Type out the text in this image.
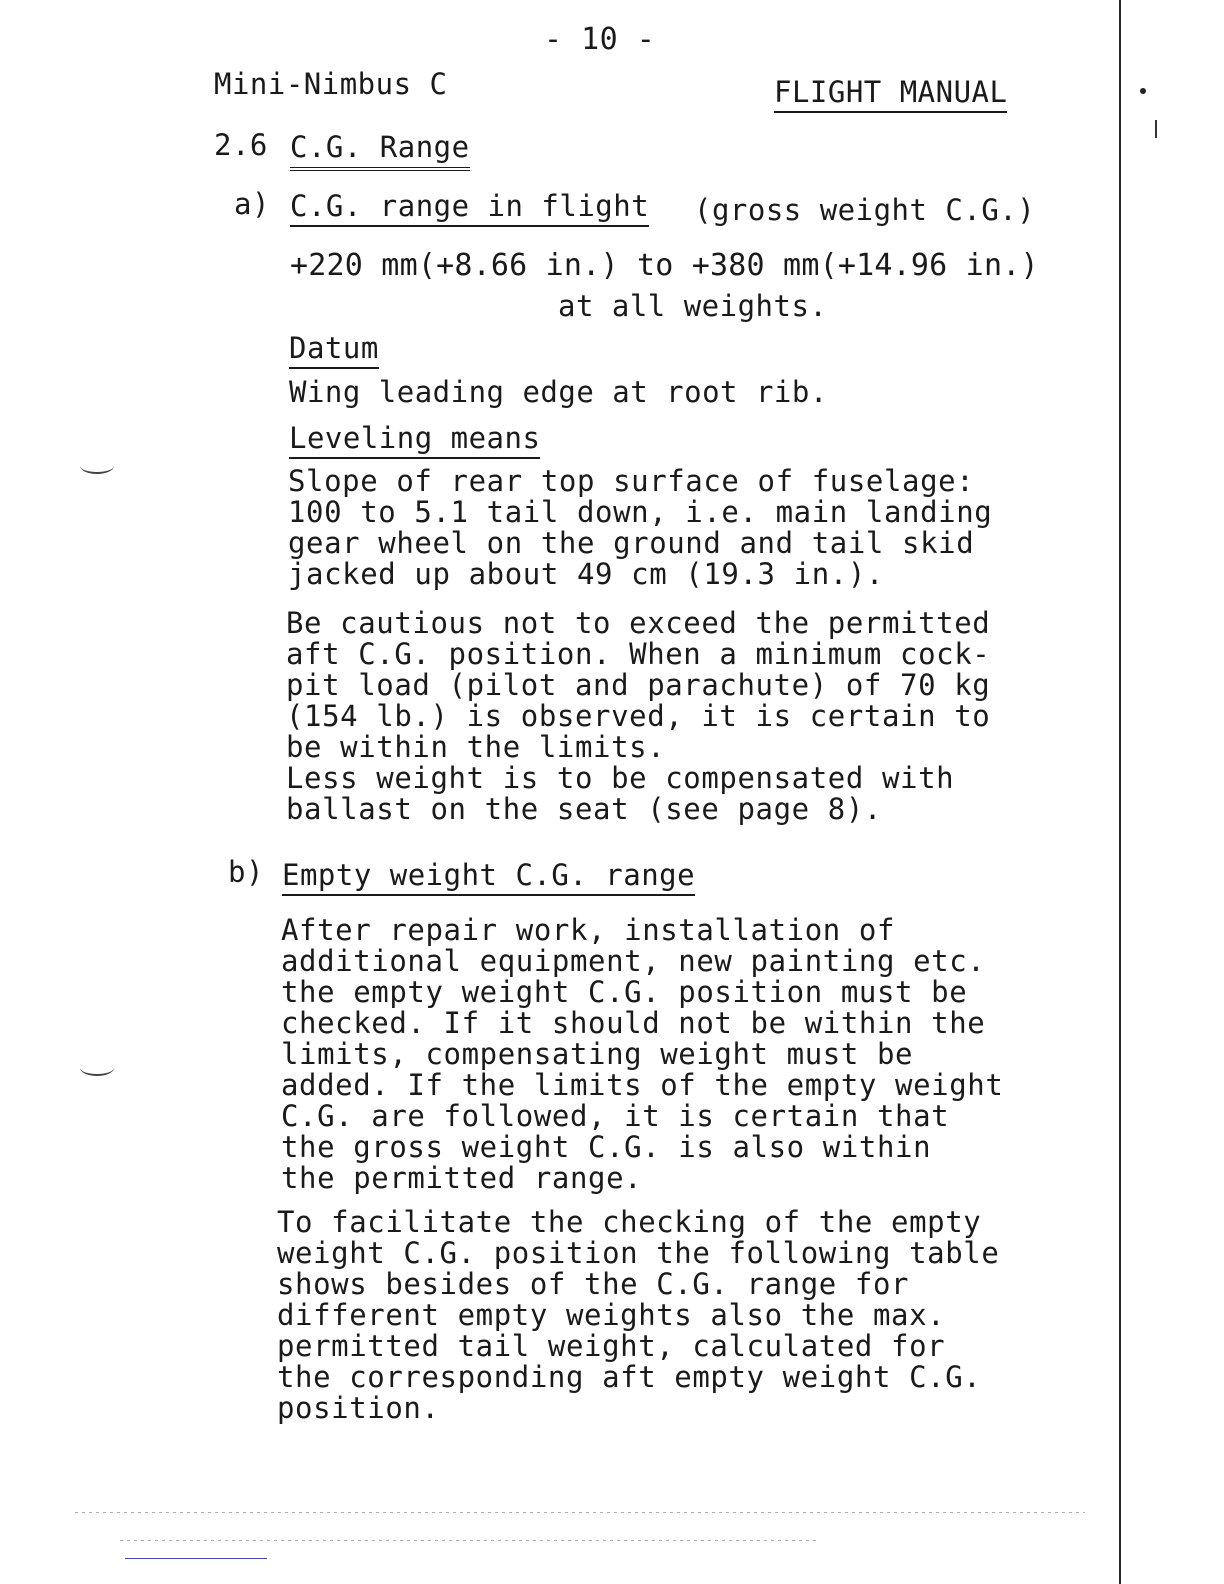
- 10 -
Mini-Nimbus C	FLIGHT MANUAL
2.6 C.G. Range
a) C.G. range in flight (gross weight C.G.)
+220 mm(+8.66 in.) to +380 mm(+14.96 in.)
at all weights.
Datum
Wing leading edge at root rib.
Leveling means
Slope of rear top surface of fuselage:
100 to 5.1 tail down, i.e. main landing
gear wheel on the ground and tail skid
jacked up about 49 cm (19.3 in.).
Be cautious not to exceed the permitted
aft C.G. position. When a minimum cock-
pit load (pilot and parachute) of 70 kg
(154 lb.) is observed, it is certain to
be within the limits.
Less weight is to be compensated with
ballast on the seat (see page 8).
b) Empty weight C.G. range
After repair work, installation of
additional equipment, new painting etc.
the empty weight C.G. position must be
checked. If it should not be within the
limits, compensating weight must be
added. If the limits of the empty weight
C.G. are followed, it is certain that
the gross weight C.G. is also within
the permitted range.
To facilitate the checking of the empty
weight C.G. position the following table
shows besides of the C.G. range for
different empty weights also the max.
permitted tail weight, calculated for
the corresponding aft empty weight C.G.
position.
